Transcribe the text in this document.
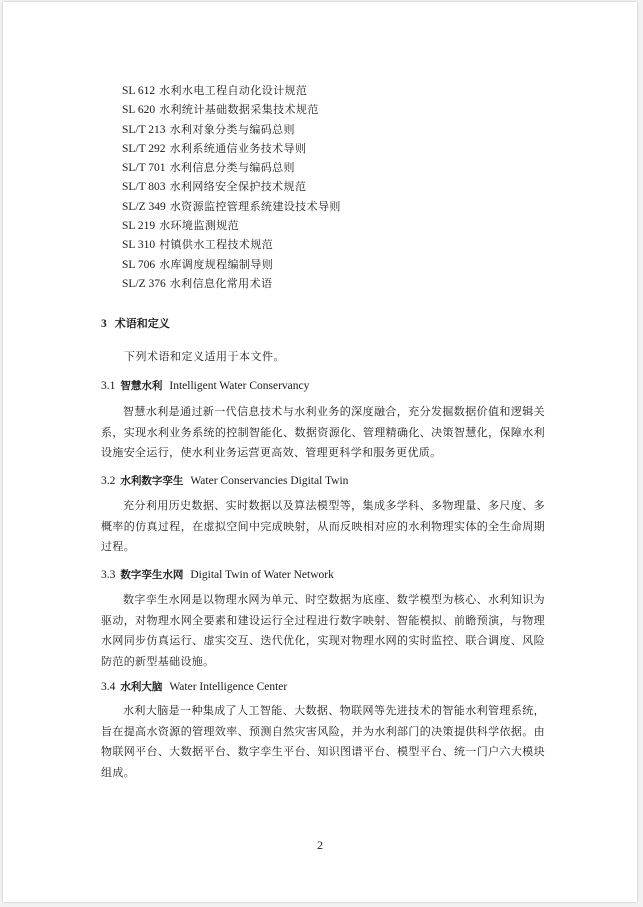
SL 612 水利水电工程自动化设计规范
SL 620 水利统计基础数据采集技术规范
SL/T 213 水利对象分类与编码总则
SL/T 292 水利系统通信业务技术导则
SL/T 701 水利信息分类与编码总则
SL/T 803 水利网络安全保护技术规范
SL/Z 349 水资源监控管理系统建设技术导则
SL 219 水环境监测规范
SL 310 村镇供水工程技术规范
SL 706 水库调度规程编制导则
SL/Z 376 水利信息化常用术语
3 术语和定义
下列术语和定义适用于本文件。
3.1 智慧水利 Intelligent Water Conservancy

智慧水利是通过新一代信息技术与水利业务的深度融合，充分发掘数据价值和逻辑关系，实现水利业务系统的控制智能化、数据资源化、管理精确化、决策智慧化，保障水利设施安全运行，使水利业务运营更高效、管理更科学和服务更优质。

3.2 水利数字孪生 Water Conservancies Digital Twin

充分利用历史数据、实时数据以及算法模型等，集成多学科、多物理量、多尺度、多概率的仿真过程，在虚拟空间中完成映射，从而反映相对应的水利物理实体的全生命周期过程。

3.3 数字孪生水网 Digital Twin of Water Network

数字孪生水网是以物理水网为单元、时空数据为底座、数学模型为核心、水利知识为驱动，对物理水网全要素和建设运行全过程进行数字映射、智能模拟、前瞻预演，与物理水网同步仿真运行、虚实交互、迭代优化，实现对物理水网的实时监控、联合调度、风险防范的新型基础设施。

3.4 水利大脑 Water Intelligence Center

水利大脑是一种集成了人工智能、大数据、物联网等先进技术的智能水利管理系统，旨在提高水资源的管理效率、预测自然灾害风险，并为水利部门的决策提供科学依据。由物联网平台、大数据平台、数字孪生平台、知识图谱平台、模型平台、统一门户六大模块组成。

2
